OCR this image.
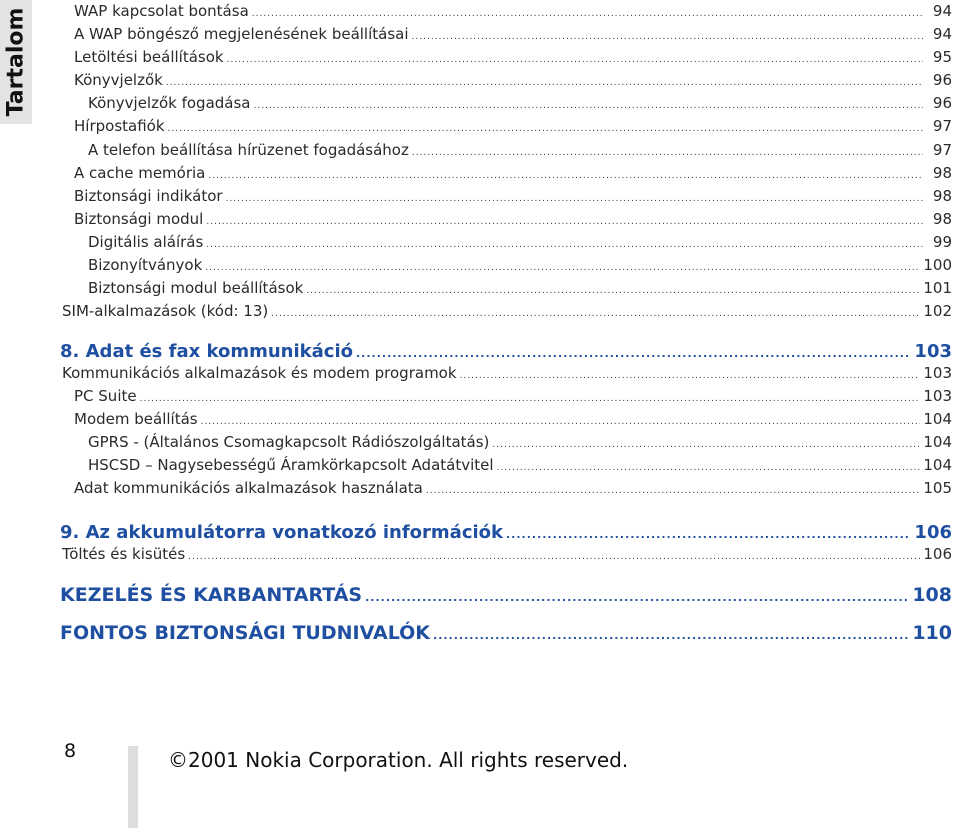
Tartalom	WAP kapcsolat bontása .....	94
A WAP böngésző megjelenésének beállításai .....	94
Letöltési beállítások .....	95
Könyvjelzők .....	96
Könyvjelzők fogadása .....	96
Hírpostafiók .....	97
A telefon beállítása hírüzenet fogadásához .....	97
A cache memória .....	98
Biztonsági indikátor .....	98
Biztonsági modul .....	98
Digitális aláírás .....	99
Bizonyítványok .....	100
Biztonsági modul beállítások .....	101
SIM-alkalmazások (kód: 13) .....	102
8. Adat és fax kommunikáció .....	103
Kommunikációs alkalmazások és modem programok .....	103
PC Suite .....	103
Modem beállítás .....	104
GPRS - (Általános Csomagkapcsolt Rádiószolgáltatás) .....	104
HSCSD – Nagysebességű Áramkörkapcsolt Adatátvitel .....	104
Adat kommunikációs alkalmazások használata .....	105
9. Az akkumulátorra vonatkozó információk .....	106
Töltés és kisütés .....	106
KEZELÉS ÉS KARBANTARTÁS .....	108
FONTOS BIZTONSÁGI TUDNIVALÓK .....	110
8	©2001 Nokia Corporation. All rights reserved.
